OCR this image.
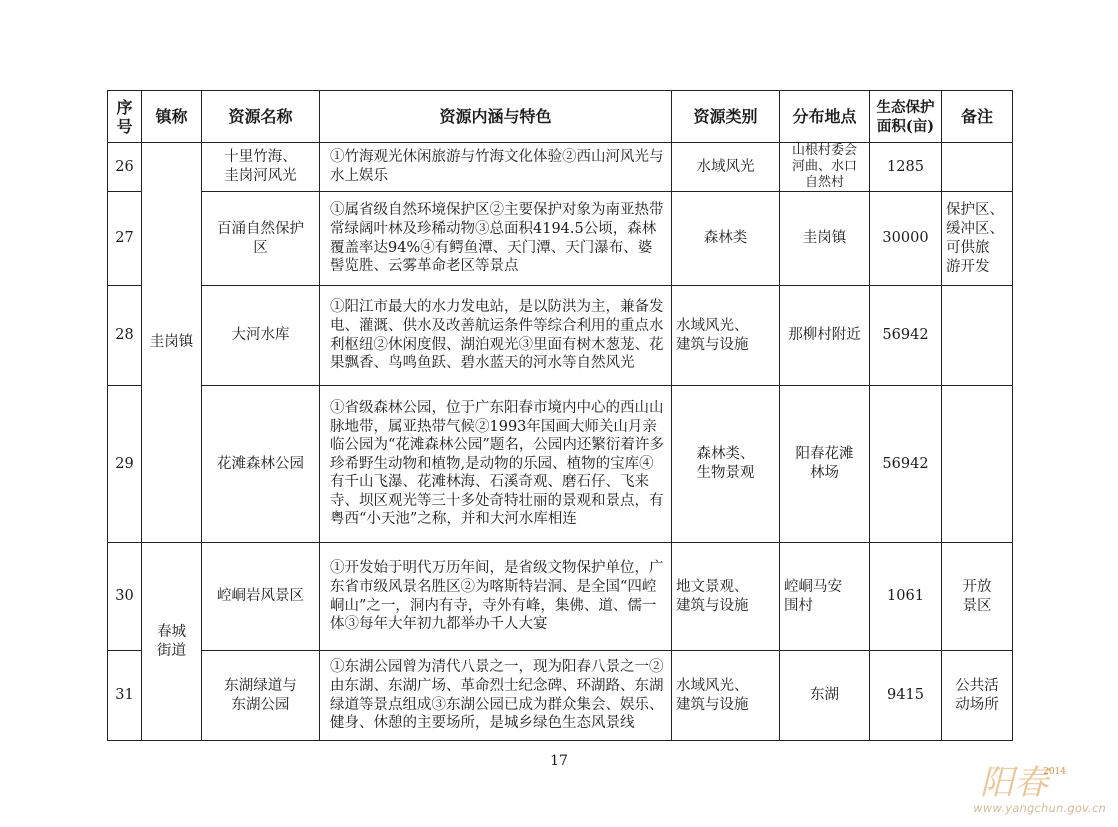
序
号	镇称	资源名称	资源内涵与特色	资源类别	分布地点	生态保护
面积(亩)	备注
26	圭岗镇	十里竹海、
圭岗河风光	①竹海观光休闲旅游与竹海文化体验②西山河风光与水上娱乐	水域风光	山根村委会
河曲、水口
自然村	1285	
27		百涌自然保护
区	①属省级自然环境保护区②主要保护对象为南亚热带常绿阔叶林及珍稀动物③总面积4194.5公顷，森林覆盖率达94%④有鳄鱼潭、天门潭、天门瀑布、婆髻览胜、云雾革命老区等景点	森林类	圭岗镇	30000	保护区、
缓冲区、
可供旅
游开发
28		大河水库	①阳江市最大的水力发电站，是以防洪为主，兼备发电、灌溉、供水及改善航运条件等综合利用的重点水利枢纽②休闲度假、湖泊观光③里面有树木葱茏、花果飘香、鸟鸣鱼跃、碧水蓝天的河水等自然风光	水域风光、
建筑与设施	那柳村附近	56942	
29		花滩森林公园	①省级森林公园，位于广东阳春市境内中心的西山山脉地带，属亚热带气候②1993年国画大师关山月亲临公园为“花滩森林公园”题名，公园内还繁衍着许多珍希野生动物和植物,是动物的乐园、植物的宝库④有千山飞瀑、花滩林海、石溪奇观、磨石仔、飞来寺、坝区观光等三十多处奇特壮丽的景观和景点，有粤西“小天池”之称，并和大河水库相连	森林类、
生物景观	阳春花滩
林场	56942	
30	春城
街道	崆峒岩风景区	①开发始于明代万历年间，是省级文物保护单位，广东省市级风景名胜区②为喀斯特岩洞、是全国“四崆峒山”之一，洞内有寺，寺外有峰，集佛、道、儒一体③每年大年初九都举办千人大宴	地文景观、
建筑与设施	崆峒马安
围村	1061	开放
景区
31		东湖绿道与
东湖公园	①东湖公园曾为清代八景之一，现为阳春八景之一②由东湖、东湖广场、革命烈士纪念碑、环湖路、东湖绿道等景点组成③东湖公园已成为群众集会、娱乐、健身、休憩的主要场所，是城乡绿色生态风景线	水域风光、
建筑与设施	东湖	9415	公共活
动场所
17
阳春
2014
www.yangchun.gov.cn
